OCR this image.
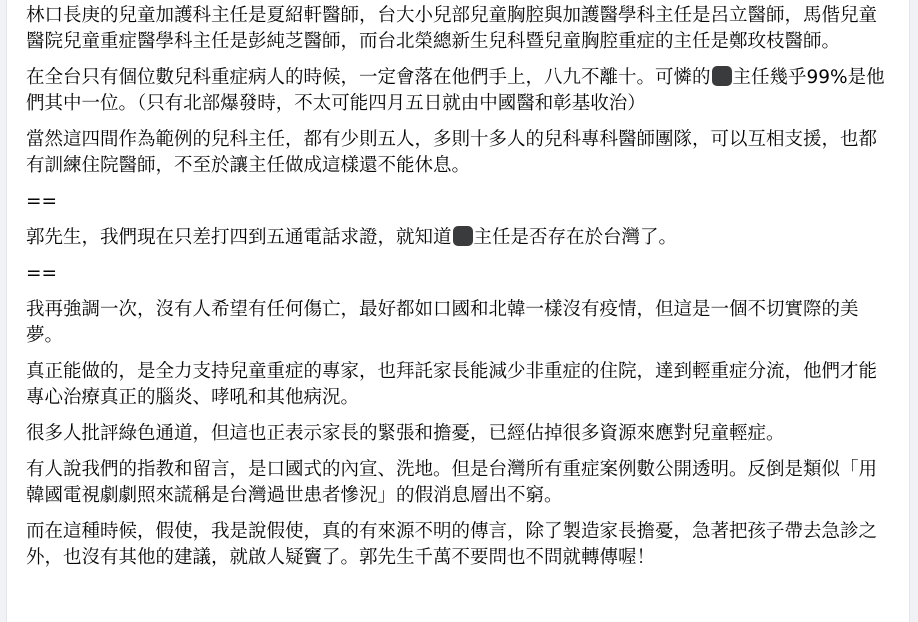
林口長庚的兒童加護科主任是夏紹軒醫師，台大小兒部兒童胸腔與加護醫學科主任是呂立醫師，馬偕兒童醫院兒童重症醫學科主任是彭純芝醫師，而台北榮總新生兒科暨兒童胸腔重症的主任是鄭玫枝醫師。

在全台只有個位數兒科重症病人的時候，一定會落在他們手上，八九不離十。可憐的 主任幾乎99%是他們其中一位。（只有北部爆發時，不太可能四月五日就由中國醫和彰基收治）

當然這四間作為範例的兒科主任，都有少則五人，多則十多人的兒科專科醫師團隊，可以互相支援，也都有訓練住院醫師，不至於讓主任做成這樣還不能休息。

==

郭先生，我們現在只差打四到五通電話求證，就知道 主任是否存在於台灣了。

==

我再強調一次，沒有人希望有任何傷亡，最好都如口國和北韓一樣沒有疫情，但這是一個不切實際的美夢。

真正能做的，是全力支持兒童重症的專家，也拜託家長能減少非重症的住院，達到輕重症分流，他們才能專心治療真正的腦炎、哮吼和其他病況。

很多人批評綠色通道，但這也正表示家長的緊張和擔憂，已經佔掉很多資源來應對兒童輕症。

有人說我們的指教和留言，是口國式的內宣、洗地。但是台灣所有重症案例數公開透明。反倒是類似「用韓國電視劇劇照來謊稱是台灣過世患者慘況」的假消息層出不窮。

而在這種時候，假使，我是說假使，真的有來源不明的傳言，除了製造家長擔憂，急著把孩子帶去急診之外，也沒有其他的建議，就啟人疑竇了。郭先生千萬不要問也不問就轉傳喔！
